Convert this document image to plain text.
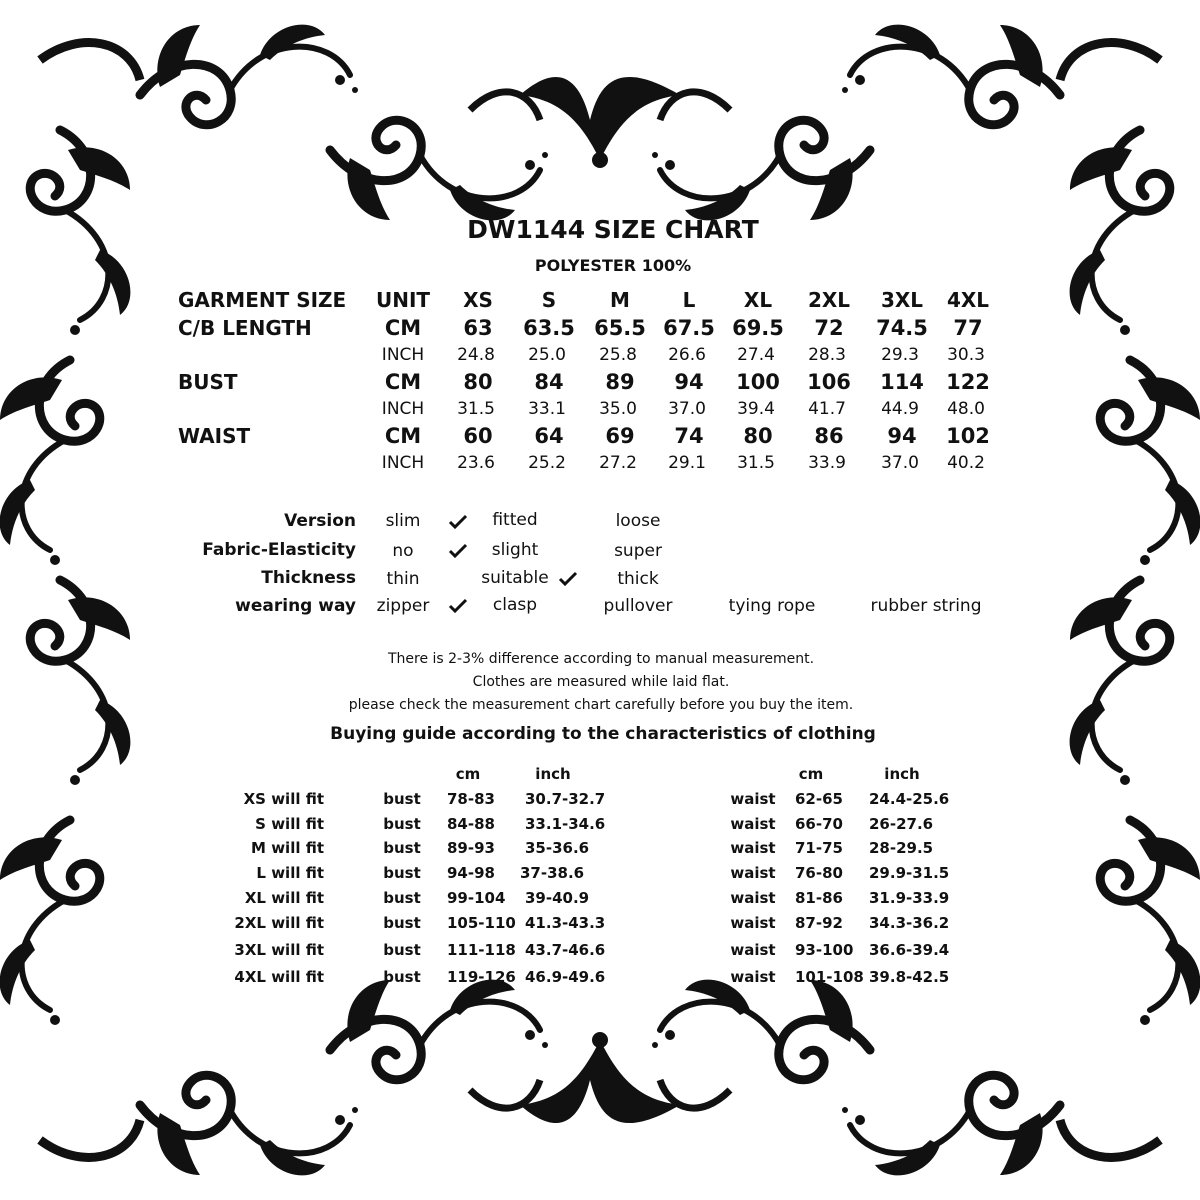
DW1144 SIZE CHART
POLYESTER 100%
GARMENT SIZE UNIT XS S	M	L XL 2XL 3XL 4XL
C/B LENGTH	CM 63 63.5 65.5 67.5 69.5 72 74.5 77
INCH 24.8 25.0 25.8 26.6 27.4 28.3 29.3 30.3
BUST	CM 80 84 89 94 100 106 114 122
INCH 31.5 33.1 35.0 37.0 39.4 41.7 44.9 48.0
WAIST	CM 60 64 69 74 80 86 94 102
INCH 23.6 25.2 27.2 29.1 31.5 33.9 37.0 40.2
Version slim	fitted	loose
Fabric-Elasticity no	slight	super
Thickness thin	suitable	thick
wearing way zipper	clasp	pullover	tying rope	rubber string
There is 2-3% difference according to manual measurement.
Clothes are measured while laid flat.
please check the measurement chart carefully before you buy the item.
Buying guide according to the characteristics of clothing
cm	inch	cm	inch
XS will fit	bust 78-83 30.7-32.7	waist 62-65 24.4-25.6
S will fit	bust 84-88 33.1-34.6	waist 66-70 26-27.6
M will fit	bust 89-93 35-36.6	waist 71-75 28-29.5
L will fit	bust 94-98 37-38.6	waist 76-80 29.9-31.5
XL will fit	bust 99-104 39-40.9	waist 81-86 31.9-33.9
2XL will fit	bust 105-110 41.3-43.3	waist 87-92 34.3-36.2
3XL will fit	bust 111-118 43.7-46.6	waist 93-100 36.6-39.4
4XL will fit	bust 119-126 46.9-49.6	waist 101-108 39.8-42.5
